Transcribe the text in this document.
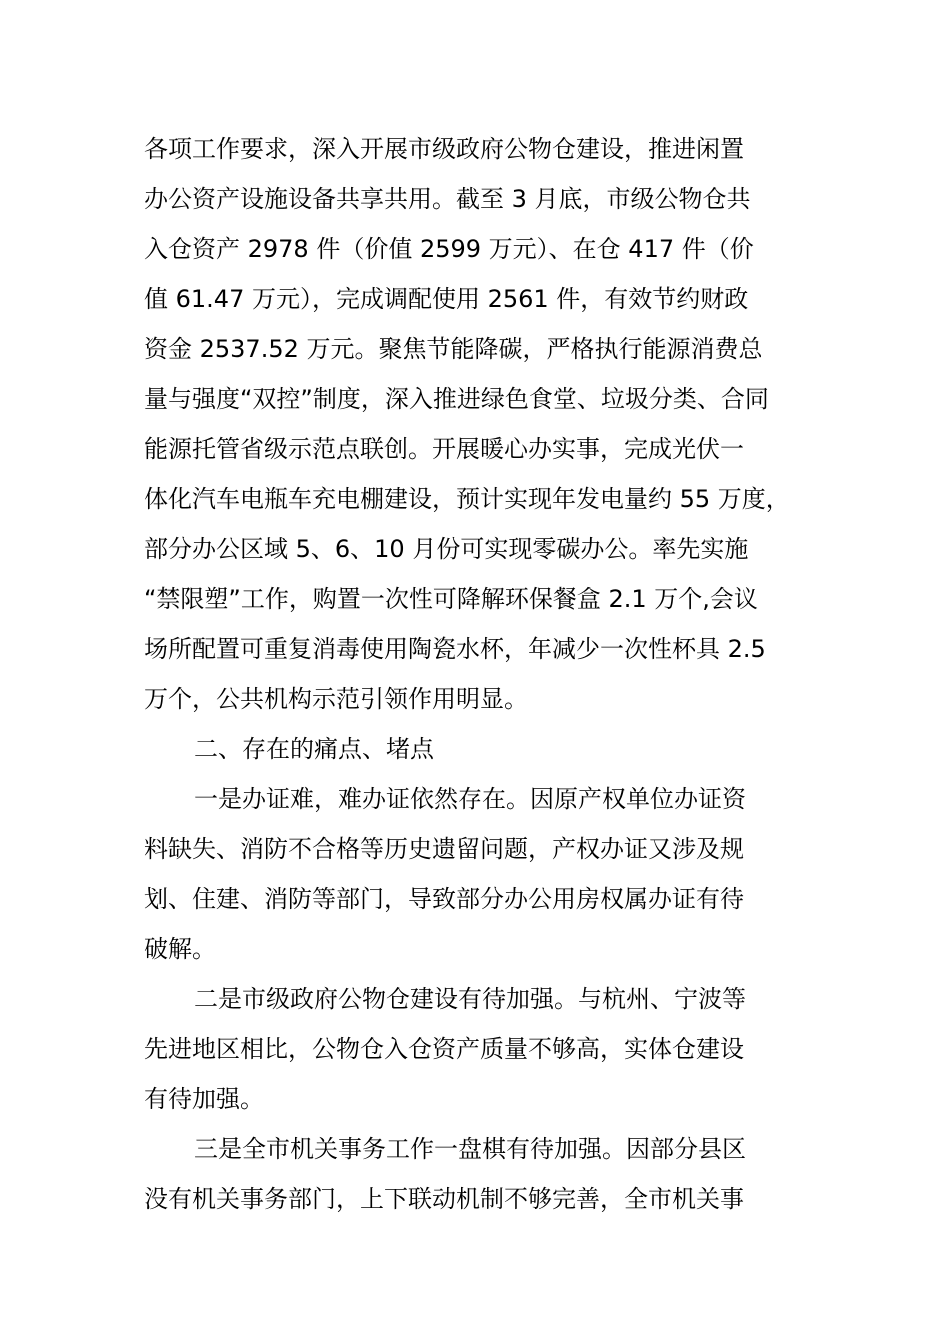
各项工作要求，深入开展市级政府公物仓建设，推进闲置
办公资产设施设备共享共用。截至 3 月底，市级公物仓共
入仓资产 2978 件（价值 2599 万元）、在仓 417 件（价
值 61.47 万元），完成调配使用 2561 件，有效节约财政
资金 2537.52 万元。聚焦节能降碳，严格执行能源消费总
量与强度“双控”制度，深入推进绿色食堂、垃圾分类、合同
能源托管省级示范点联创。开展暖心办实事，完成光伏一
体化汽车电瓶车充电棚建设，预计实现年发电量约 55 万度，
部分办公区域 5、6、10 月份可实现零碳办公。率先实施
“禁限塑”工作，购置一次性可降解环保餐盒 2.1 万个,会议
场所配置可重复消毒使用陶瓷水杯，年减少一次性杯具 2.5
万个，公共机构示范引领作用明显。
二、存在的痛点、堵点
一是办证难，难办证依然存在。因原产权单位办证资
料缺失、消防不合格等历史遗留问题，产权办证又涉及规
划、住建、消防等部门，导致部分办公用房权属办证有待
破解。
二是市级政府公物仓建设有待加强。与杭州、宁波等
先进地区相比，公物仓入仓资产质量不够高，实体仓建设
有待加强。
三是全市机关事务工作一盘棋有待加强。因部分县区
没有机关事务部门，上下联动机制不够完善，全市机关事
